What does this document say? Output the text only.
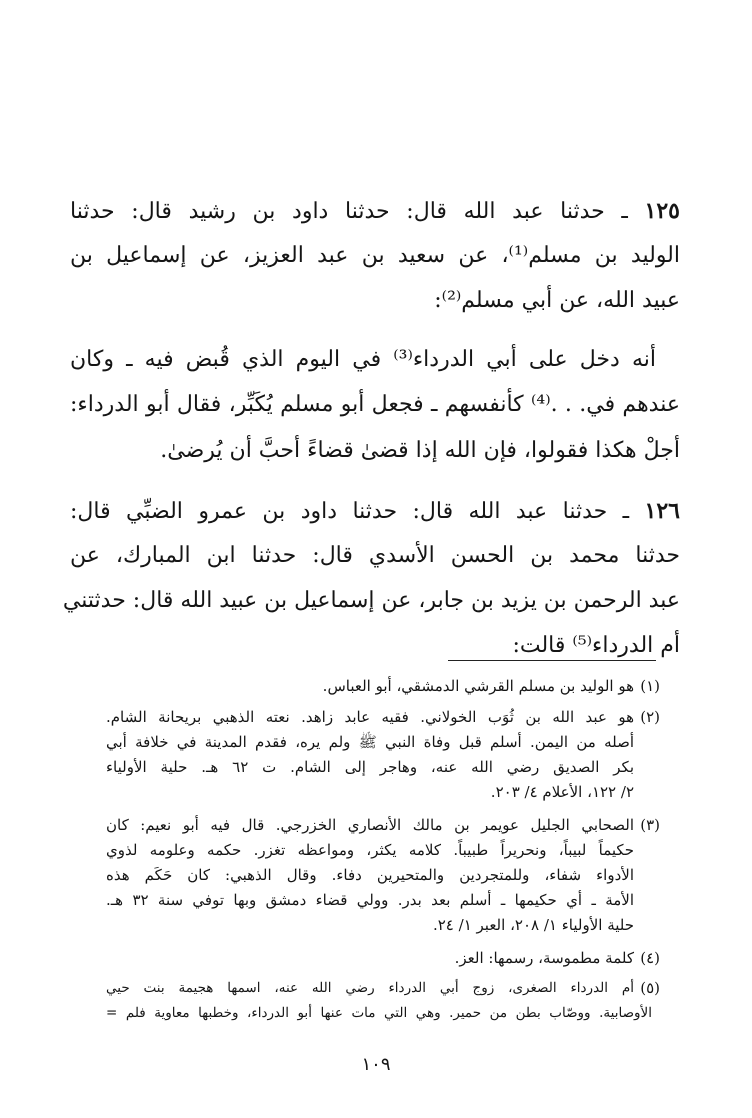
١٢٥ ـ حدثنا عبد الله قال: حدثنا داود بن رشيد قال: حدثنا
الوليد بن مسلم⁽¹⁾، عن سعيد بن عبد العزيز، عن إسماعيل بن
عبيد الله، عن أبي مسلم⁽²⁾:
أنه دخل على أبي الدرداء⁽³⁾ في اليوم الذي قُبض فيه ـ وكان
عندهم في. . .⁽⁴⁾ كأنفسهم ـ فجعل أبو مسلم يُكَبِّر، فقال أبو الدرداء:
أجلْ هكذا فقولوا، فإن الله إذا قضىٰ قضاءً أحبَّ أن يُرضىٰ.
١٢٦ ـ حدثنا عبد الله قال: حدثنا داود بن عمرو الضبِّي قال:
حدثنا محمد بن الحسن الأسدي قال: حدثنا ابن المبارك، عن
عبد الرحمن بن يزيد بن جابر، عن إسماعيل بن عبيد الله قال: حدثتني
أم الدرداء⁽⁵⁾ قالت:
(١)
هو الوليد بن مسلم القرشي الدمشقي، أبو العباس.
(٢)
هو عبد الله بن ثُوَب الخولاني. فقيه عابد زاهد. نعته الذهبي بريحانة الشام.
أصله من اليمن. أسلم قبل وفاة النبي ﷺ ولم يره، فقدم المدينة في خلافة أبي
بكر الصديق رضي الله عنه، وهاجر إلى الشام. ت ٦٢ هـ. حلية الأولياء
٢/ ١٢٢، الأعلام ٤/ ٢٠٣.
(٣)
الصحابي الجليل عويمر بن مالك الأنصاري الخزرجي. قال فيه أبو نعيم: كان
حكيماً لبيباً، ونحريراً طبيباً. كلامه يكثر، ومواعظه تغزر. حكمه وعلومه لذوي
الأدواء شفاء، وللمتجردين والمتحيرين دفاء. وقال الذهبي: كان حَكَم هذه
الأمة ـ أي حكيمها ـ أسلم بعد بدر. وولي قضاء دمشق وبها توفي سنة ٣٢ هـ.
حلية الأولياء ١/ ٢٠٨، العبر ١/ ٢٤.
(٤)
كلمة مطموسة، رسمها: العز.
(٥)
أم الدرداء الصغرى، زوج أبي الدرداء رضي الله عنه، اسمها هجيمة بنت حيي
الأوصابية. ووصّاب بطن من حمير. وهي التي مات عنها أبو الدرداء، وخطبها معاوية فلم =
١٠٩
